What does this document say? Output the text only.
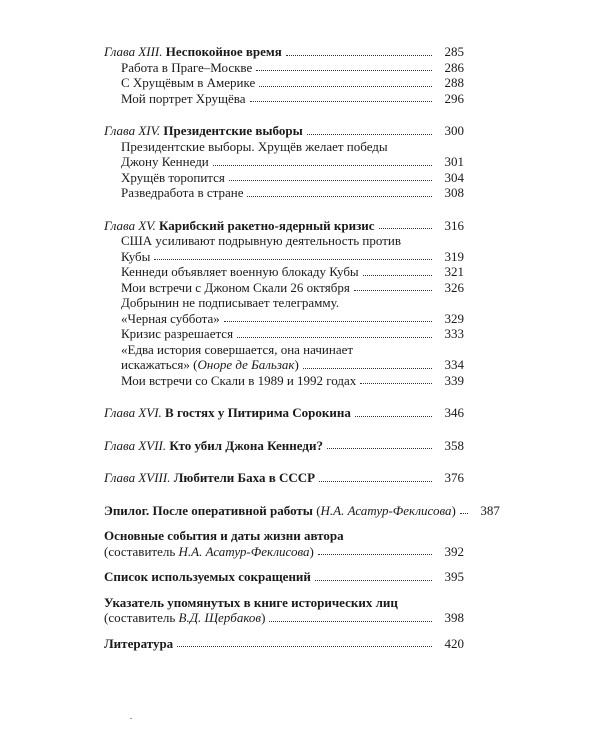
Глава XIII. Неспокойное время	285
Работа в Праге–Москве	286
С Хрущёвым в Америке	288
Мой портрет Хрущёва	296
Глава XIV. Президентские выборы	300
Президентские выборы. Хрущёв желает победы
Джону Кеннеди	301
Хрущёв торопится	304
Разведработа в стране	308
Глава XV. Карибский ракетно-ядерный кризис	316
США усиливают подрывную деятельность против
Кубы	319
Кеннеди объявляет военную блокаду Кубы	321
Мои встречи с Джоном Скали 26 октября	326
Добрынин не подписывает телеграмму.
«Черная суббота»	329
Кризис разрешается	333
«Едва история совершается, она начинает
искажаться» (Оноре де Бальзак)	334
Мои встречи со Скали в 1989 и 1992 годах	339
Глава XVI. В гостях у Питирима Сорокина	346
Глава XVII. Кто убил Джона Кеннеди?	358
Глава XVIII. Любители Баха в СССР	376
Эпилог. После оперативной работы (Н.А. Асатур-Феклисова)	387
Основные события и даты жизни автора
(составитель Н.А. Асатур-Феклисова)	392
Список используемых сокращений	395
Указатель упомянутых в книге исторических лиц
(составитель В.Д. Щербаков)	398
Литература	420
